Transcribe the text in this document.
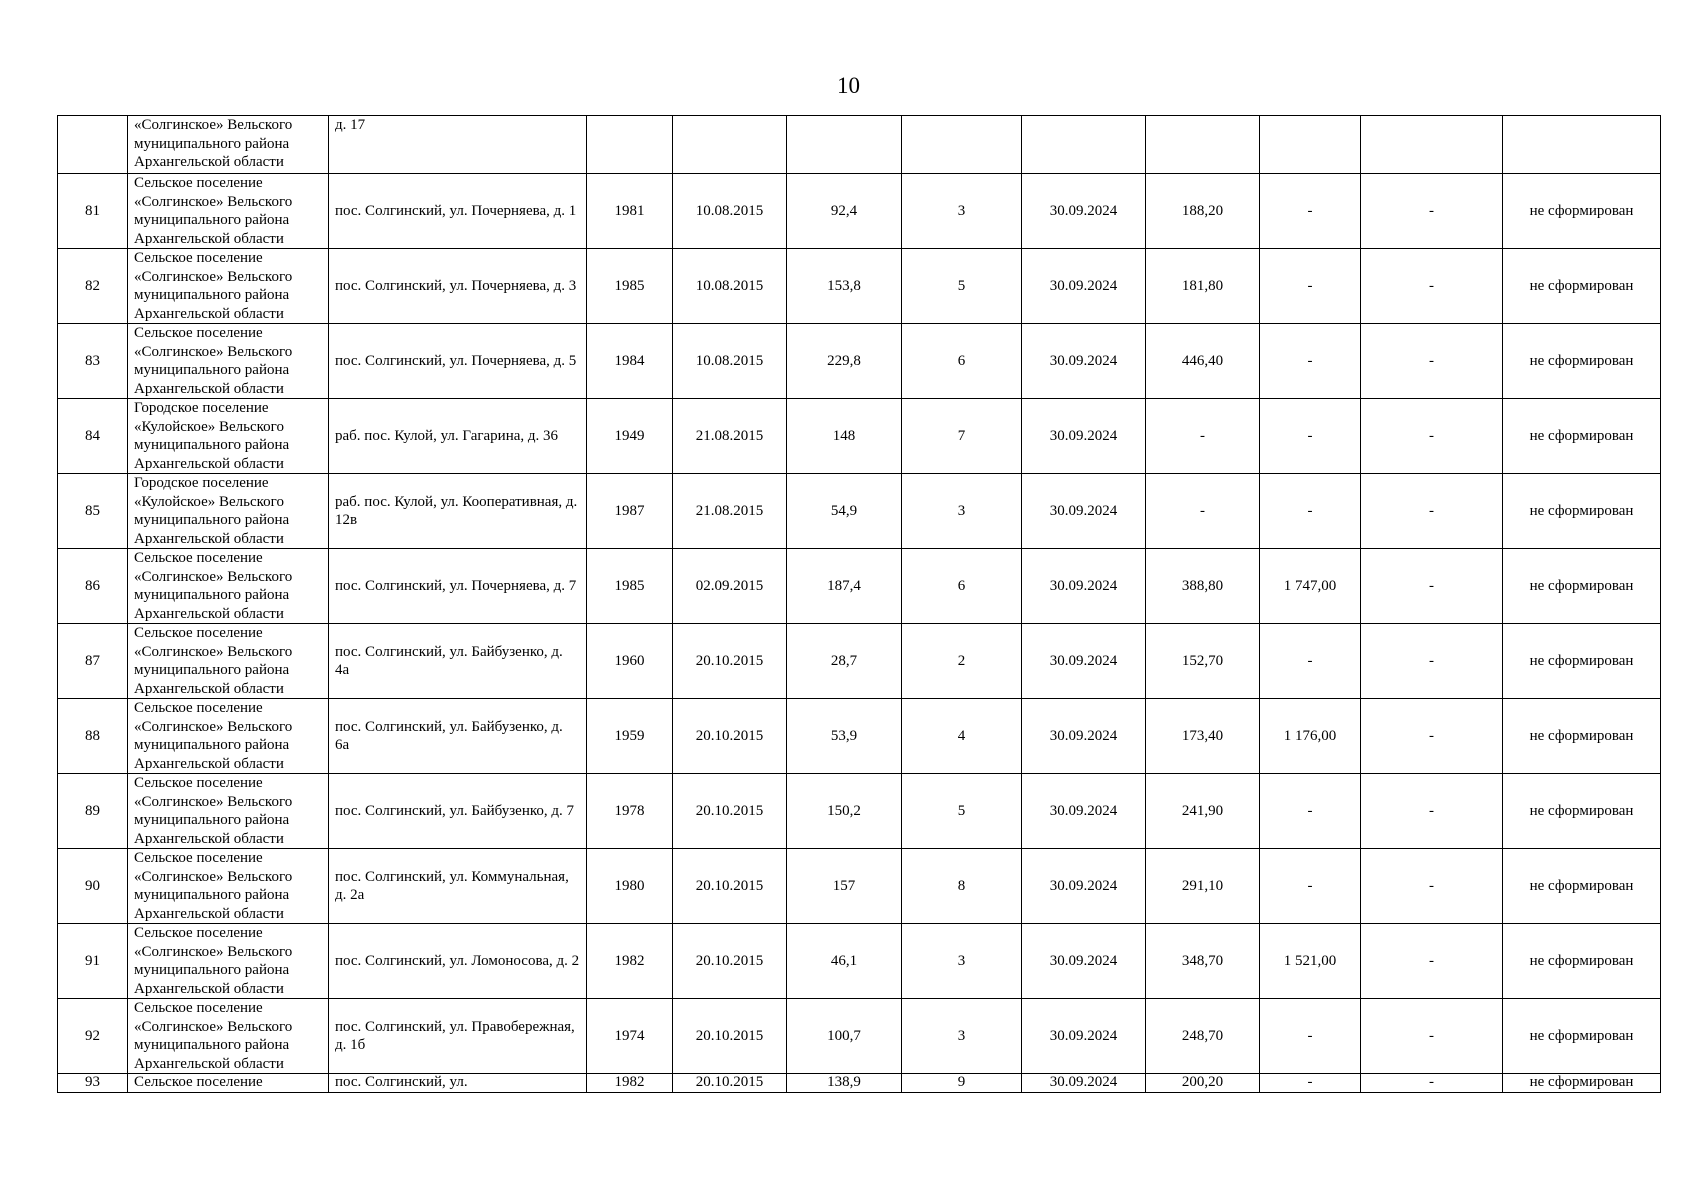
10
	«Солгинское» Вельского муниципального района Архангельской области	д. 17									
81	Сельское поселение «Солгинское» Вельского муниципального района Архангельской области	пос. Солгинский, ул. Почерняева, д. 1	1981	10.08.2015	92,4	3	30.09.2024	188,20	-	-	не сформирован
82	Сельское поселение «Солгинское» Вельского муниципального района Архангельской области	пос. Солгинский, ул. Почерняева, д. 3	1985	10.08.2015	153,8	5	30.09.2024	181,80	-	-	не сформирован
83	Сельское поселение «Солгинское» Вельского муниципального района Архангельской области	пос. Солгинский, ул. Почерняева, д. 5	1984	10.08.2015	229,8	6	30.09.2024	446,40	-	-	не сформирован
84	Городское поселение «Кулойское» Вельского муниципального района Архангельской области	раб. пос. Кулой, ул. Гагарина, д. 36	1949	21.08.2015	148	7	30.09.2024	-	-	-	не сформирован
85	Городское поселение «Кулойское» Вельского муниципального района Архангельской области	раб. пос. Кулой, ул. Кооперативная, д. 12в	1987	21.08.2015	54,9	3	30.09.2024	-	-	-	не сформирован
86	Сельское поселение «Солгинское» Вельского муниципального района Архангельской области	пос. Солгинский, ул. Почерняева, д. 7	1985	02.09.2015	187,4	6	30.09.2024	388,80	1 747,00	-	не сформирован
87	Сельское поселение «Солгинское» Вельского муниципального района Архангельской области	пос. Солгинский, ул. Байбузенко, д. 4а	1960	20.10.2015	28,7	2	30.09.2024	152,70	-	-	не сформирован
88	Сельское поселение «Солгинское» Вельского муниципального района Архангельской области	пос. Солгинский, ул. Байбузенко, д. 6а	1959	20.10.2015	53,9	4	30.09.2024	173,40	1 176,00	-	не сформирован
89	Сельское поселение «Солгинское» Вельского муниципального района Архангельской области	пос. Солгинский, ул. Байбузенко, д. 7	1978	20.10.2015	150,2	5	30.09.2024	241,90	-	-	не сформирован
90	Сельское поселение «Солгинское» Вельского муниципального района Архангельской области	пос. Солгинский, ул. Коммунальная, д. 2а	1980	20.10.2015	157	8	30.09.2024	291,10	-	-	не сформирован
91	Сельское поселение «Солгинское» Вельского муниципального района Архангельской области	пос. Солгинский, ул. Ломоносова, д. 2	1982	20.10.2015	46,1	3	30.09.2024	348,70	1 521,00	-	не сформирован
92	Сельское поселение «Солгинское» Вельского муниципального района Архангельской области	пос. Солгинский, ул. Правобережная, д. 1б	1974	20.10.2015	100,7	3	30.09.2024	248,70	-	-	не сформирован
93	Сельское поселение	пос. Солгинский, ул.	1982	20.10.2015	138,9	9	30.09.2024	200,20	-	-	не сформирован
